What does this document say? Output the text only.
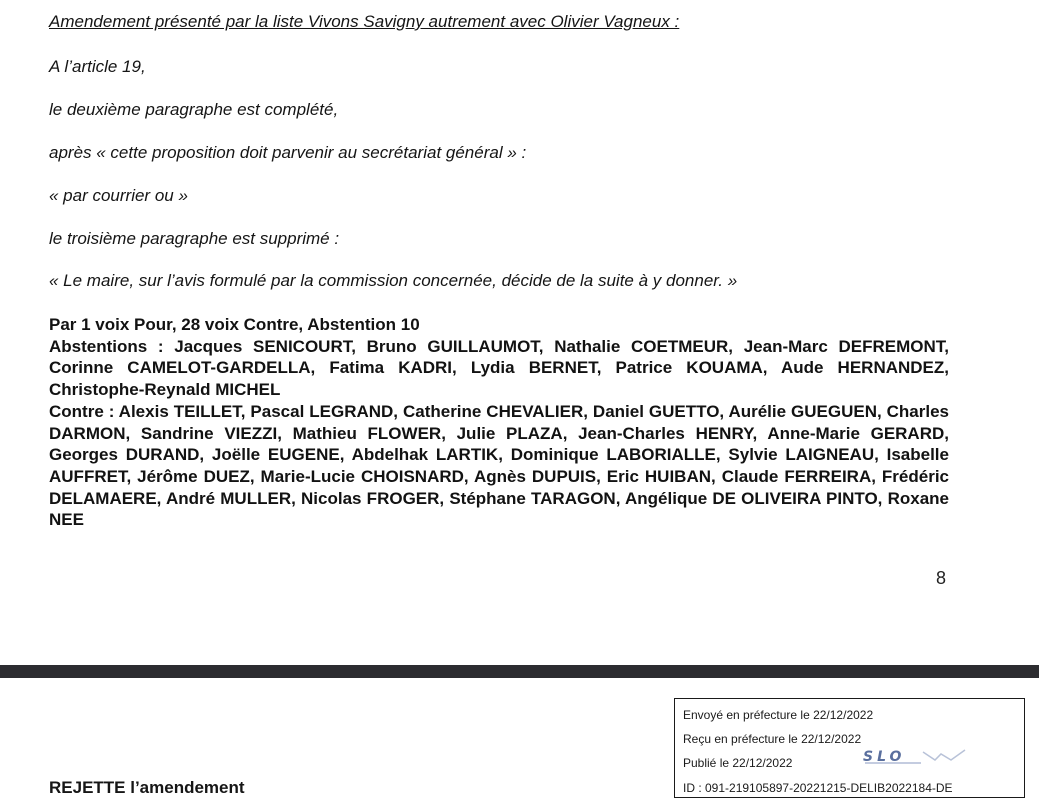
Amendement présenté par la liste Vivons Savigny autrement avec Olivier Vagneux :
A l’article 19,
le deuxième paragraphe est complété,
après « cette proposition doit parvenir au secrétariat général » :
« par courrier ou »
le troisième paragraphe est supprimé :
« Le maire, sur l’avis formulé par la commission concernée, décide de la suite à y donner. »

Par 1 voix Pour, 28 voix Contre, Abstention 10

Abstentions : Jacques SENICOURT, Bruno GUILLAUMOT, Nathalie COETMEUR, Jean-Marc DEFREMONT, Corinne CAMELOT-GARDELLA, Fatima KADRI, Lydia BERNET, Patrice KOUAMA, Aude HERNANDEZ, Christophe-Reynald MICHEL

Contre : Alexis TEILLET, Pascal LEGRAND, Catherine CHEVALIER, Daniel GUETTO, Aurélie GUEGUEN, Charles DARMON, Sandrine VIEZZI, Mathieu FLOWER, Julie PLAZA, Jean-Charles HENRY, Anne-Marie GERARD, Georges DURAND, Joëlle EUGENE, Abdelhak LARTIK, Dominique LABORIALLE, Sylvie LAIGNEAU, Isabelle AUFFRET, Jérôme DUEZ, Marie-Lucie CHOISNARD, Agnès DUPUIS, Eric HUIBAN, Claude FERREIRA, Frédéric DELAMAERE, André MULLER, Nicolas FROGER, Stéphane TARAGON, Angélique DE OLIVEIRA PINTO, Roxane NEE

8
REJETTE l’amendement
Envoyé en préfecture le 22/12/2022
Reçu en préfecture le 22/12/2022
Publié le 22/12/2022
ID : 091-219105897-20221215-DELIB2022184-DE
SLO
